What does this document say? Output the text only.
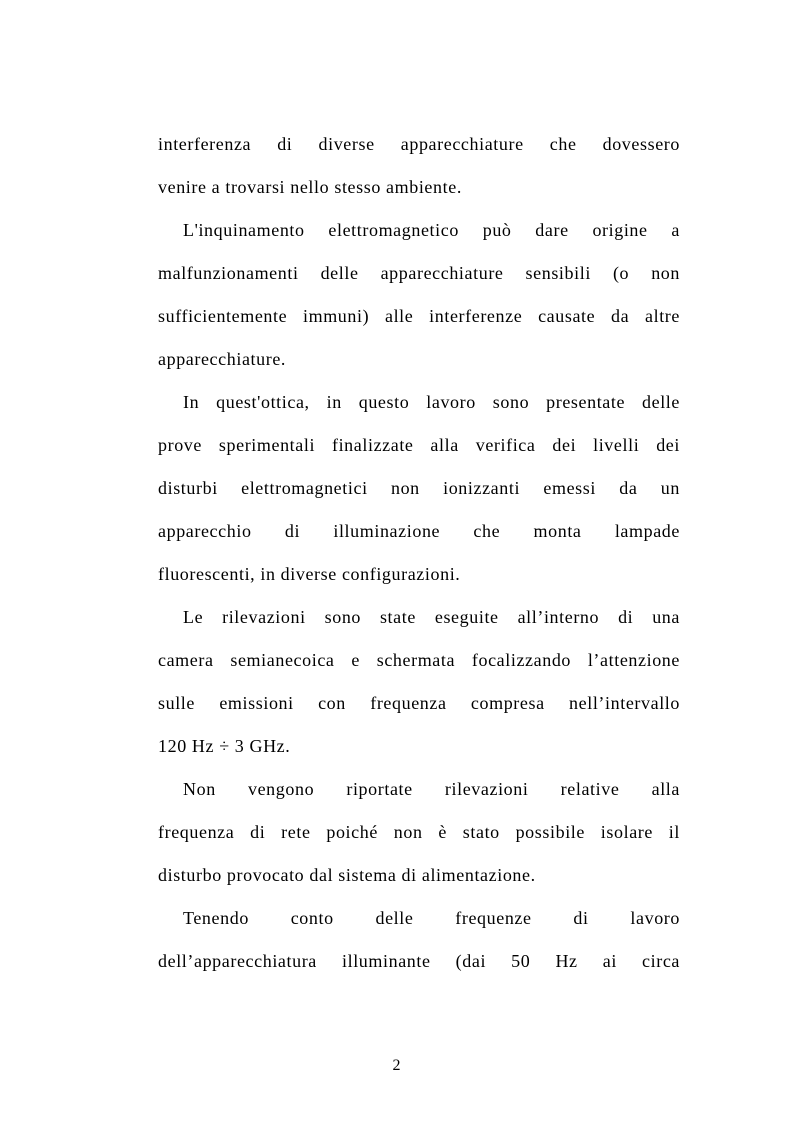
interferenza di diverse apparecchiature che dovessero
venire a trovarsi nello stesso ambiente.
L'inquinamento elettromagnetico può dare origine a
malfunzionamenti delle apparecchiature sensibili (o non
sufficientemente immuni) alle interferenze causate da altre
apparecchiature.
In quest'ottica, in questo lavoro sono presentate delle
prove sperimentali finalizzate alla verifica dei livelli dei
disturbi elettromagnetici non ionizzanti emessi da un
apparecchio di illuminazione che monta lampade
fluorescenti, in diverse configurazioni.
Le rilevazioni sono state eseguite all’interno di una
camera semianecoica e schermata focalizzando l’attenzione
sulle emissioni con frequenza compresa nell’intervallo
120 Hz ÷ 3 GHz.
Non vengono riportate rilevazioni relative alla
frequenza di rete poiché non è stato possibile isolare il
disturbo provocato dal sistema di alimentazione.
Tenendo conto delle frequenze di lavoro
dell’apparecchiatura illuminante (dai 50 Hz ai circa
2
